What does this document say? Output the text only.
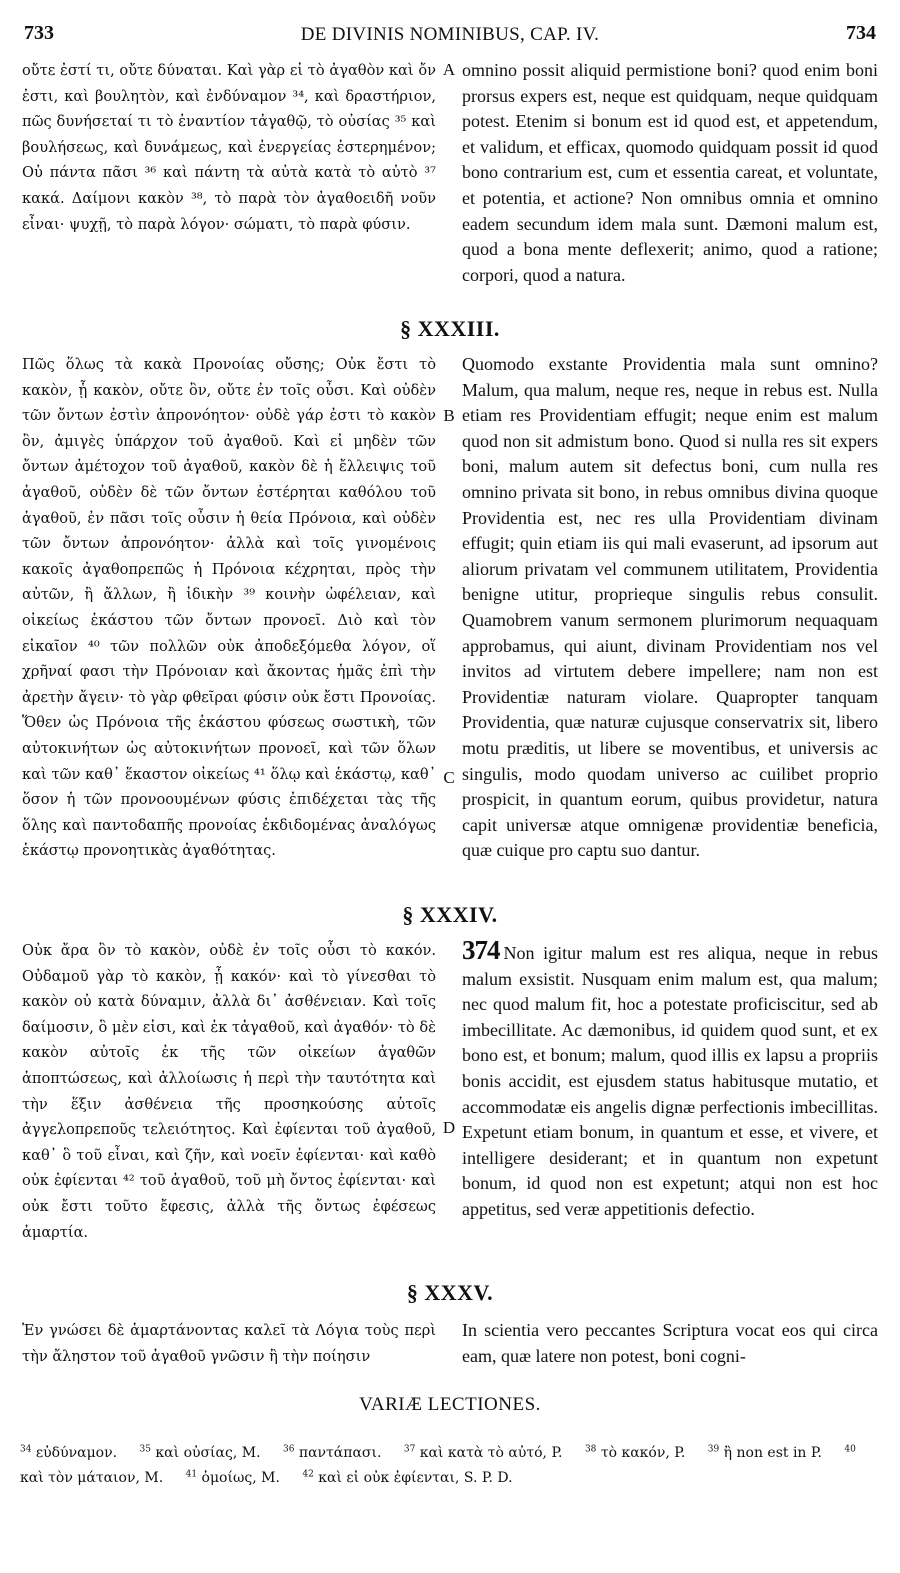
733	DE DIVINIS NOMINIBUS, CAP. IV.	734
οὔτε ἐστί τι, οὔτε δύναται. Καὶ γὰρ εἰ τὸ ἀγαθὸν καὶ ὄν ἐστι, καὶ βουλητὸν, καὶ ἐνδύναμον ³⁴, καὶ δραστήριον, πῶς δυνήσεταί τι τὸ ἐναντίον τἀγαθῷ, τὸ οὐσίας ³⁵ καὶ βουλήσεως, καὶ δυνάμεως, καὶ ἐνεργείας ἐστερημένον; Οὐ πάντα πᾶσι ³⁶ καὶ πάντη τὰ αὐτὰ κατὰ τὸ αὐτὸ ³⁷ κακά. Δαίμονι κακὸν ³⁸, τὸ παρὰ τὸν ἀγαθοειδῆ νοῦν εἶναι· ψυχῇ, τὸ παρὰ λόγον· σώματι, τὸ παρὰ φύσιν.
A omnino possit aliquid permistione boni? quod enim boni prorsus expers est, neque est quidquam, neque quidquam potest. Etenim si bonum est id quod est, et appetendum, et validum, et efficax, quomodo quidquam possit id quod bono contrarium est, cum et essentia careat, et voluntate, et potentia, et actione? Non omnibus omnia et omnino eadem secundum idem mala sunt. Dæmoni malum est, quod a bona mente deflexerit; animo, quod a ratione; corpori, quod a natura.
§ XXXIII.
Πῶς ὅλως τὰ κακὰ Προνοίας οὔσης; Οὐκ ἔστι τὸ κακὸν, ᾗ κακὸν, οὔτε ὂν, οὔτε ἐν τοῖς οὖσι. Καὶ οὐδὲν τῶν ὄντων ἐστὶν ἀπρονόητον· οὐδὲ γάρ ἐστι τὸ κακὸν ὂν, ἀμιγὲς ὑπάρχον τοῦ ἀγαθοῦ. Καὶ εἰ μηδὲν τῶν ὄντων ἀμέτοχον τοῦ ἀγαθοῦ, κακὸν δὲ ἡ ἔλλειψις τοῦ ἀγαθοῦ, οὐδὲν δὲ τῶν ὄντων ἐστέρηται καθόλου τοῦ ἀγαθοῦ, ἐν πᾶσι τοῖς οὖσιν ἡ θεία Πρόνοια, καὶ οὐδὲν τῶν ὄντων ἀπρονόητον· ἀλλὰ καὶ τοῖς γινομένοις κακοῖς ἀγαθοπρεπῶς ἡ Πρόνοια κέχρηται, πρὸς τὴν αὐτῶν, ἢ ἄλλων, ἢ ἰδικὴν ³⁹ κοινὴν ὠφέλειαν, καὶ οἰκείως ἑκάστου τῶν ὄντων προνοεῖ. Διὸ καὶ τὸν εἰκαῖον ⁴⁰ τῶν πολλῶν οὐκ ἀποδεξόμεθα λόγον, οἵ χρῆναί φασι τὴν Πρόνοιαν καὶ ἄκοντας ἡμᾶς ἐπὶ τὴν ἀρετὴν ἄγειν· τὸ γὰρ φθεῖραι φύσιν οὐκ ἔστι Προνοίας. Ὅθεν ὡς Πρόνοια τῆς ἑκάστου φύσεως σωστικὴ, τῶν αὐτοκινήτων ὡς αὐτοκινήτων προνοεῖ, καὶ τῶν ὅλων καὶ τῶν καθ᾽ ἕκαστον οἰκείως ⁴¹ ὅλῳ καὶ ἑκάστῳ, καθ᾽ ὅσον ἡ τῶν προνοουμένων φύσις ἐπιδέχεται τὰς τῆς ὅλης καὶ παντοδαπῆς προνοίας ἐκδιδομένας ἀναλόγως ἑκάστῳ προνοητικὰς ἀγαθότητας.
B
C
Quomodo exstante Providentia mala sunt omnino? Malum, qua malum, neque res, neque in rebus est. Nulla etiam res Providentiam effugit; neque enim est malum quod non sit admistum bono. Quod si nulla res sit expers boni, malum autem sit defectus boni, cum nulla res omnino privata sit bono, in rebus omnibus divina quoque Providentia est, nec res ulla Providentiam divinam effugit; quin etiam iis qui mali evaserunt, ad ipsorum aut aliorum privatam vel communem utilitatem, Providentia benigne utitur, proprieque singulis rebus consulit. Quamobrem vanum sermonem plurimorum nequaquam approbamus, qui aiunt, divinam Providentiam nos vel invitos ad virtutem debere impellere; nam non est Providentiæ naturam violare. Quapropter tanquam Providentia, quæ naturæ cujusque conservatrix sit, libero motu præditis, ut libere se moventibus, et universis ac singulis, modo quodam universo ac cuilibet proprio prospicit, in quantum eorum, quibus providetur, natura capit universæ atque omnigenæ providentiæ beneficia, quæ cuique pro captu suo dantur.
§ XXXIV.
Οὐκ ἄρα ὂν τὸ κακὸν, οὐδὲ ἐν τοῖς οὖσι τὸ κακόν. Οὐδαμοῦ γὰρ τὸ κακὸν, ᾗ κακόν· καὶ τὸ γίνεσθαι τὸ κακὸν οὐ κατὰ δύναμιν, ἀλλὰ δι᾽ ἀσθένειαν. Καὶ τοῖς δαίμοσιν, ὃ μὲν εἰσι, καὶ ἐκ τἀγαθοῦ, καὶ ἀγαθόν· τὸ δὲ κακὸν αὐτοῖς ἐκ τῆς τῶν οἰκείων ἀγαθῶν ἀποπτώσεως, καὶ ἀλλοίωσις ἡ περὶ τὴν ταυτότητα καὶ τὴν ἕξιν ἀσθένεια τῆς προσηκούσης αὐτοῖς ἀγγελοπρεποῦς τελειότητος. Καὶ ἐφίενται τοῦ ἀγαθοῦ, καθ᾽ ὃ τοῦ εἶναι, καὶ ζῆν, καὶ νοεῖν ἐφίενται· καὶ καθὸ οὐκ ἐφίενται ⁴² τοῦ ἀγαθοῦ, τοῦ μὴ ὄντος ἐφίενται· καὶ οὐκ ἔστι τοῦτο ἔφεσις, ἀλλὰ τῆς ὄντως ἐφέσεως ἁμαρτία.
D
374 Non igitur malum est res aliqua, neque in rebus malum exsistit. Nusquam enim malum est, qua malum; nec quod malum fit, hoc a potestate proficiscitur, sed ab imbecillitate. Ac dæmonibus, id quidem quod sunt, et ex bono est, et bonum; malum, quod illis ex lapsu a propriis bonis accidit, est ejusdem status habitusque mutatio, et accommodatæ eis angelis dignæ perfectionis imbecillitas. Expetunt etiam bonum, in quantum et esse, et vivere, et intelligere desiderant; et in quantum non expetunt bonum, id quod non est expetunt; atqui non est hoc appetitus, sed veræ appetitionis defectio.
§ XXXV.
Ἐν γνώσει δὲ ἁμαρτάνοντας καλεῖ τὰ Λόγια τοὺς περὶ τὴν ἄληστον τοῦ ἀγαθοῦ γνῶσιν ἢ τὴν ποίησιν
In scientia vero peccantes Scriptura vocat eos qui circa eam, quæ latere non potest, boni cogni-
VARIÆ LECTIONES.
$^{34}$ εὐδύναμον. $^{35}$ καὶ οὐσίας, M. $^{36}$ παντάπασι. $^{37}$ καὶ κατὰ τὸ αὐτό, P. $^{38}$ τὸ κακόν, P. $^{39}$ ἢ non est in P. $^{40}$ καὶ τὸν μάταιον, M. $^{41}$ ὁμοίως, M. $^{42}$ καὶ εἰ οὐκ ἐφίενται, S. P. D.
